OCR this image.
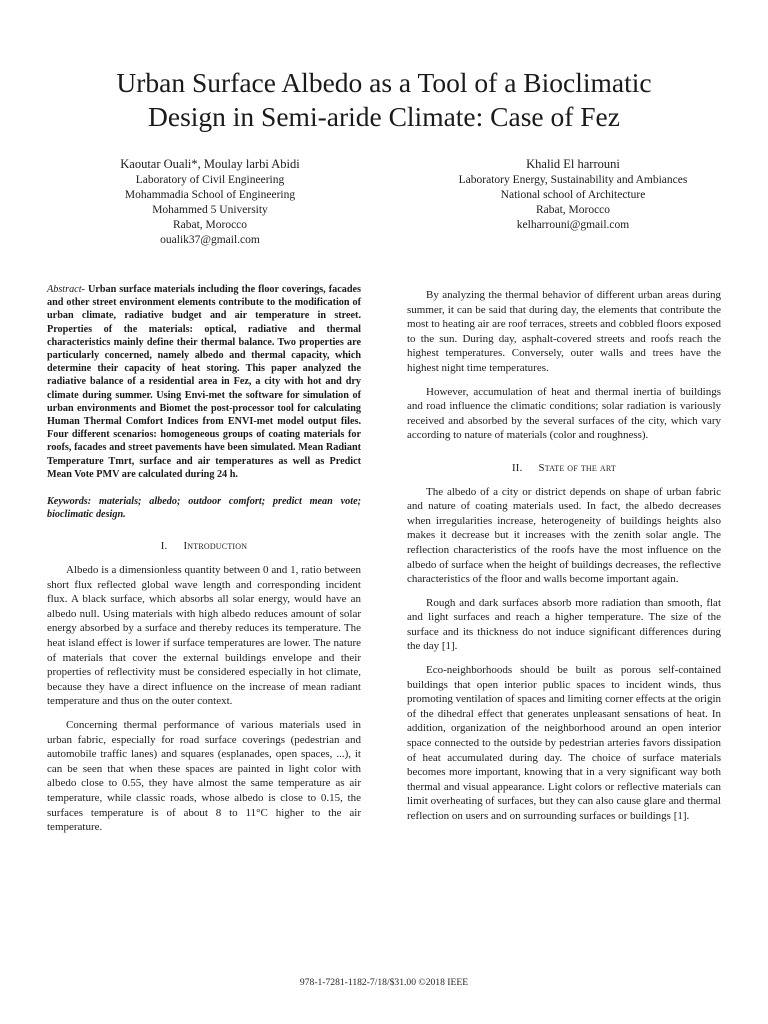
Urban Surface Albedo as a Tool of a Bioclimatic
Design in Semi-aride Climate: Case of Fez
Kaoutar Ouali*, Moulay larbi Abidi
Laboratory of Civil Engineering
Mohammadia School of Engineering
Mohammed 5 University
Rabat, Morocco
oualik37@gmail.com
Khalid El harrouni
Laboratory Energy, Sustainability and Ambiances
National school of Architecture
Rabat, Morocco
kelharrouni@gmail.com

Abstract- Urban surface materials including the floor coverings, facades and other street environment elements contribute to the modification of urban climate, radiative budget and air temperature in street. Properties of the materials: optical, radiative and thermal characteristics mainly define their thermal balance. Two properties are particularly concerned, namely albedo and thermal capacity, which determine their capacity of heat storing. This paper analyzed the radiative balance of a residential area in Fez, a city with hot and dry climate during summer. Using Envi-met the software for simulation of urban environments and Biomet the post-processor tool for calculating Human Thermal Comfort Indices from ENVI-met model output files. Four different scenarios: homogeneous groups of coating materials for roofs, facades and street pavements have been simulated. Mean Radiant Temperature Tmrt, surface and air temperatures as well as Predict Mean Vote PMV are calculated during 24 h.

Keywords: materials; albedo; outdoor comfort; predict mean vote; bioclimatic design.

I. Introduction

Albedo is a dimensionless quantity between 0 and 1, ratio between short flux reflected global wave length and corresponding incident flux. A black surface, which absorbs all solar energy, would have an albedo null. Using materials with high albedo reduces amount of solar energy absorbed by a surface and thereby reduces its temperature. The heat island effect is lower if surface temperatures are lower. The nature of materials that cover the external buildings envelope and their properties of reflectivity must be considered especially in hot climate, because they have a direct influence on the increase of mean radiant temperature and thus on the outer context.

Concerning thermal performance of various materials used in urban fabric, especially for road surface coverings (pedestrian and automobile traffic lanes) and squares (esplanades, open spaces, ...), it can be seen that when these spaces are painted in light color with albedo close to 0.55, they have almost the same temperature as air temperature, while classic roads, whose albedo is close to 0.15, the surfaces temperature is of about 8 to 11°C higher to the air temperature.

By analyzing the thermal behavior of different urban areas during summer, it can be said that during day, the elements that contribute the most to heating air are roof terraces, streets and cobbled floors exposed to the sun. During day, asphalt-covered streets and roofs reach the highest temperatures. Conversely, outer walls and trees have the highest night time temperatures.

However, accumulation of heat and thermal inertia of buildings and road influence the climatic conditions; solar radiation is variously received and absorbed by the several surfaces of the city, which vary according to nature of materials (color and roughness).

II. State of the art

The albedo of a city or district depends on shape of urban fabric and nature of coating materials used. In fact, the albedo decreases when irregularities increase, heterogeneity of buildings heights also makes it decrease but it increases with the zenith solar angle. The reflection characteristics of the roofs have the most influence on the albedo of surface when the height of buildings decreases, the reflective characteristics of the floor and walls become important again.

Rough and dark surfaces absorb more radiation than smooth, flat and light surfaces and reach a higher temperature. The size of the surface and its thickness do not induce significant differences during the day [1].

Eco-neighborhoods should be built as porous self-contained buildings that open interior public spaces to incident winds, thus promoting ventilation of spaces and limiting corner effects at the origin of the dihedral effect that generates unpleasant sensations of heat. In addition, organization of the neighborhood around an open interior space connected to the outside by pedestrian arteries favors dissipation of heat accumulated during day. The choice of surface materials becomes more important, knowing that in a very significant way both thermal and visual appearance. Light colors or reflective materials can limit overheating of surfaces, but they can also cause glare and thermal reflection on users and on surrounding surfaces or buildings [1].

978-1-7281-1182-7/18/$31.00 ©2018 IEEE
